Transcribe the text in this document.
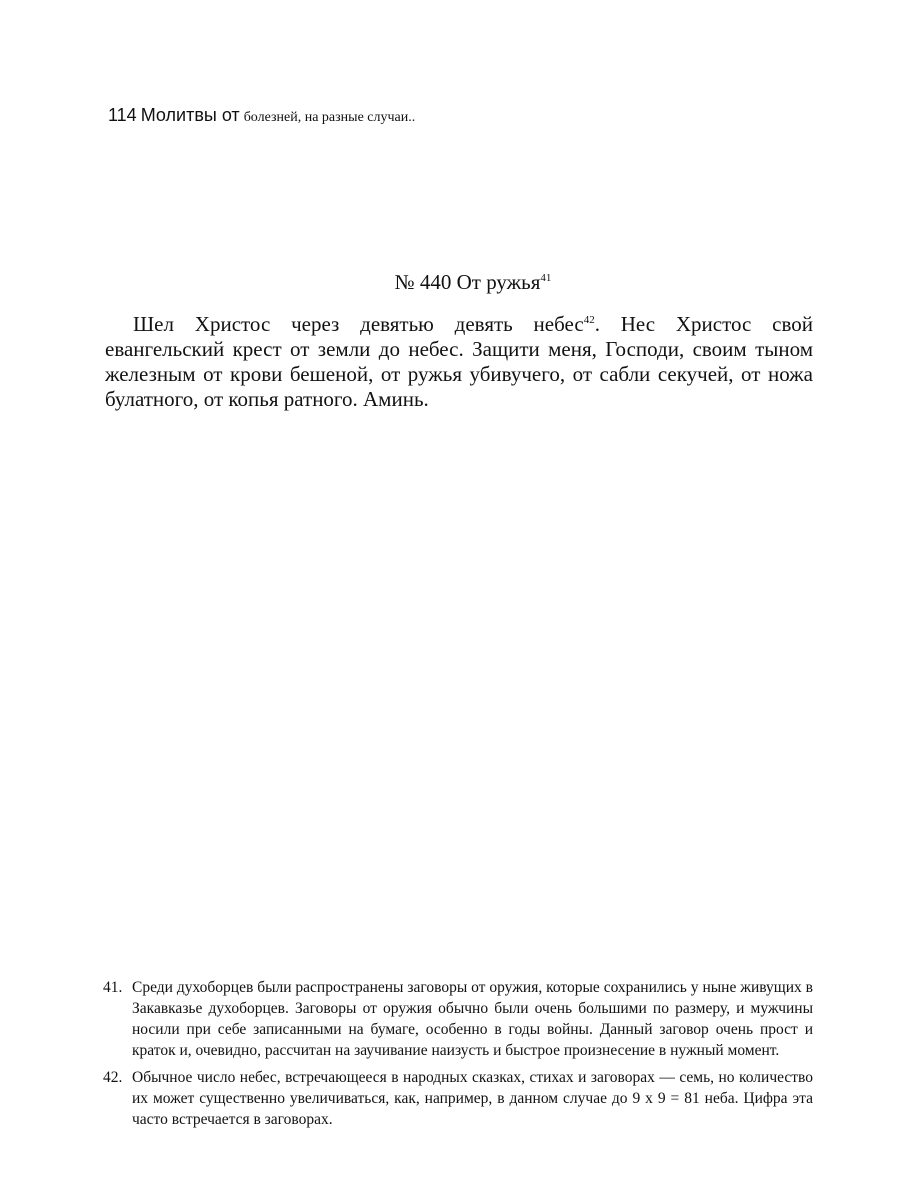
114 Молитвы от болезней, на разные случаи..
№ 440 От ружья$^{41}$

Шел Христос через девятью девять небес$^{42}$. Нес Христос свой евангельский крест от земли до небес. Защити меня, Господи, своим тыном железным от крови бешеной, от ружья убивучего, от сабли секучей, от ножа булатного, от копья ратного. Аминь.

41. Среди духоборцев были распространены заговоры от оружия, которые сохранились у ныне живущих в Закавказье духоборцев. Заговоры от оружия обычно были очень большими по размеру, и мужчины носили при себе записанными на бумаге, особенно в годы войны. Данный заговор очень прост и краток и, очевидно, рассчитан на заучивание наизусть и быстрое произнесение в нужный момент.

42. Обычное число небес, встречающееся в народных сказках, стихах и заговорах — семь, но количество их может существенно увеличиваться, как, например, в данном случае до 9 х 9 = 81 неба. Цифра эта часто встречается в заговорах.
